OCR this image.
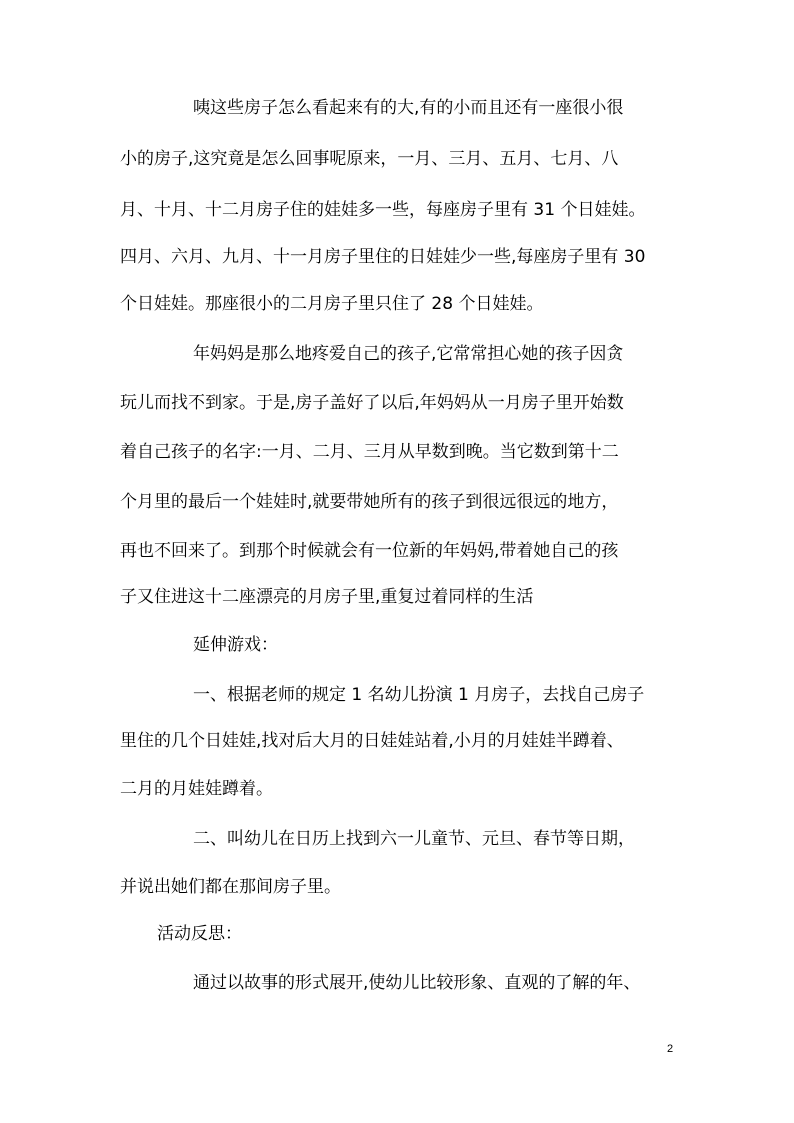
咦这些房子怎么看起来有的大,有的小而且还有一座很小很
小的房子,这究竟是怎么回事呢原来，一月、三月、五月、七月、八
月、十月、十二月房子住的娃娃多一些，每座房子里有 31 个日娃娃。
四月、六月、九月、十一月房子里住的日娃娃少一些,每座房子里有 30
个日娃娃。那座很小的二月房子里只住了 28 个日娃娃。
年妈妈是那么地疼爱自己的孩子,它常常担心她的孩子因贪
玩儿而找不到家。于是,房子盖好了以后,年妈妈从一月房子里开始数
着自己孩子的名字:一月、二月、三月从早数到晚。当它数到第十二
个月里的最后一个娃娃时,就要带她所有的孩子到很远很远的地方，
再也不回来了。到那个时候就会有一位新的年妈妈,带着她自己的孩
子又住进这十二座漂亮的月房子里,重复过着同样的生活
延伸游戏：
一、根据老师的规定 1 名幼儿扮演 1 月房子，去找自己房子
里住的几个日娃娃,找对后大月的日娃娃站着,小月的月娃娃半蹲着、
二月的月娃娃蹲着。
二、叫幼儿在日历上找到六一儿童节、元旦、春节等日期，
并说出她们都在那间房子里。
活动反思：
通过以故事的形式展开,使幼儿比较形象、直观的了解的年、
2
